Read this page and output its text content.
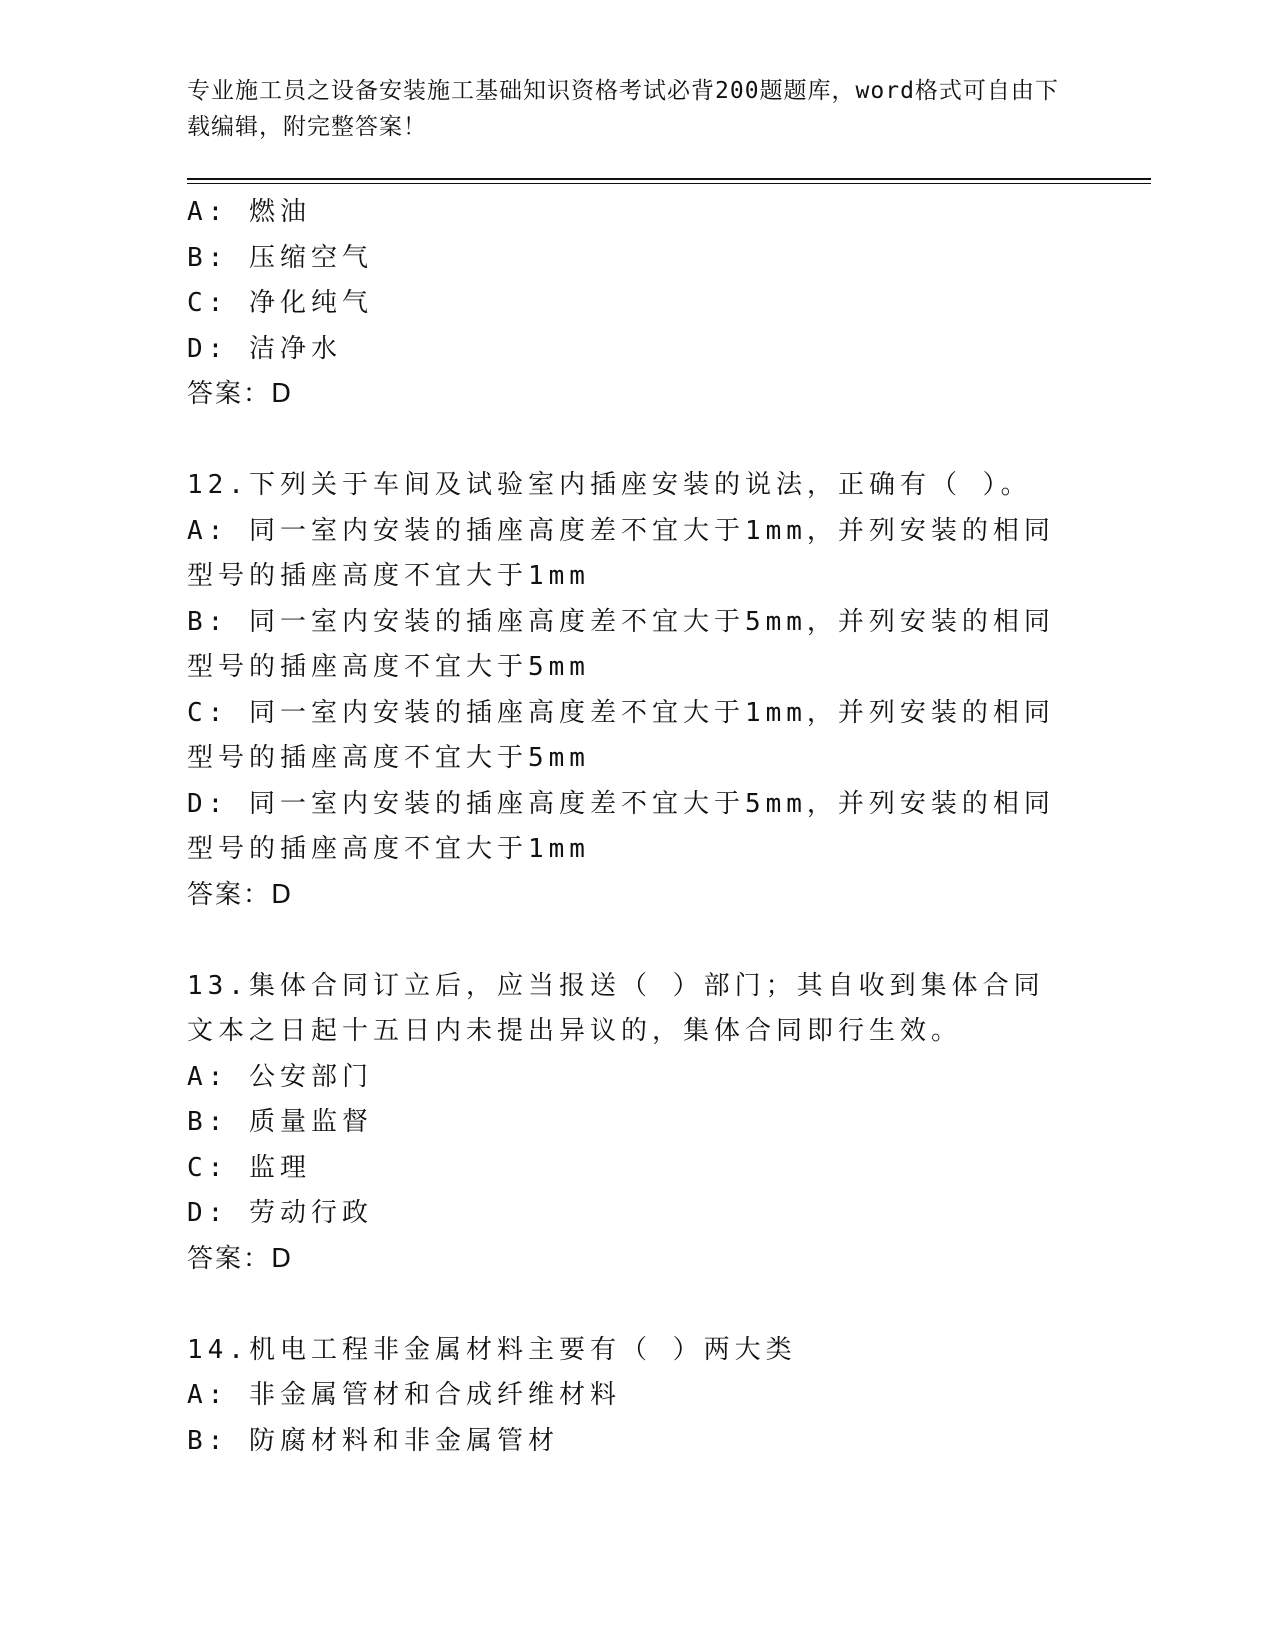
专业施工员之设备安装施工基础知识资格考试必背200题题库，word格式可自由下载编辑，附完整答案！
A: 燃油
B: 压缩空气
C: 净化纯气
D: 洁净水
答案：D
12.下列关于车间及试验室内插座安装的说法，正确有（ ）。
A: 同一室内安装的插座高度差不宜大于1mm，并列安装的相同型号的插座高度不宜大于1mm
B: 同一室内安装的插座高度差不宜大于5mm，并列安装的相同型号的插座高度不宜大于5mm
C: 同一室内安装的插座高度差不宜大于1mm，并列安装的相同型号的插座高度不宜大于5mm
D: 同一室内安装的插座高度差不宜大于5mm，并列安装的相同型号的插座高度不宜大于1mm
答案：D
13.集体合同订立后，应当报送（ ）部门；其自收到集体合同文本之日起十五日内未提出异议的，集体合同即行生效。
A: 公安部门
B: 质量监督
C: 监理
D: 劳动行政
答案：D
14.机电工程非金属材料主要有（ ）两大类
A: 非金属管材和合成纤维材料
B: 防腐材料和非金属管材
